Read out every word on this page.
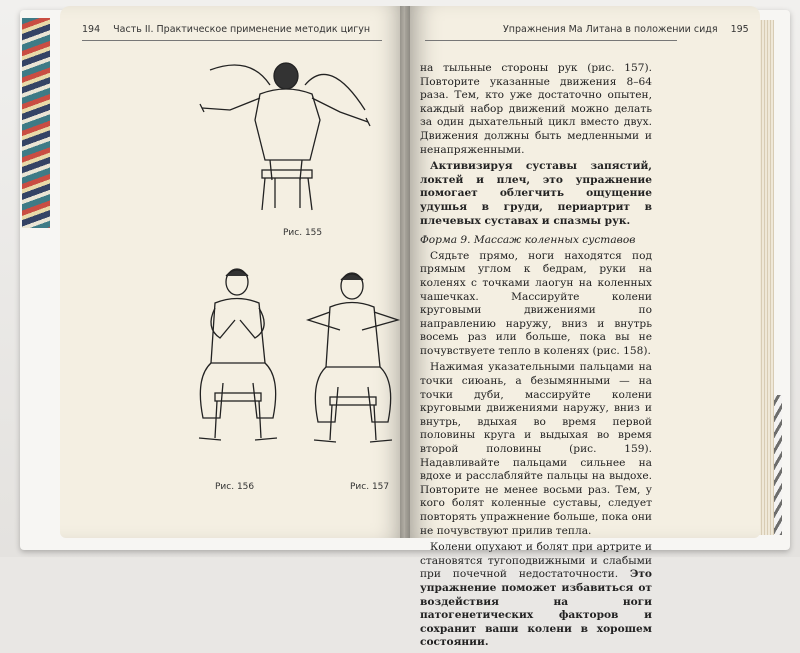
194 Часть II. Практическое применение методик цигун	Упражнения Ма Литана в положении сидя 195
Рис. 155
Рис. 156	Рис. 157

на тыльные стороны рук (рис. 157). Повторите указанные движения 8–64 раза. Тем, кто уже достаточно опытен, каждый набор движений можно делать за один дыхательный цикл вместо двух. Движения должны быть медленными и ненапряженными.

Активизируя суставы запястий, локтей и плеч, это упражнение помогает облегчить ощущение удушья в груди, периартрит в плечевых суставах и спазмы рук.

Форма 9. Массаж коленных суставов

Сядьте прямо, ноги находятся под прямым углом к бедрам, руки на коленях с точками лаогун на коленных чашечках. Массируйте колени круговыми движениями по направлению наружу, вниз и внутрь восемь раз или больше, пока вы не почувствуете тепло в коленях (рис. 158).

Нажимая указательными пальцами на точки сиюань, а безымянными — на точки дуби, массируйте колени круговыми движениями наружу, вниз и внутрь, вдыхая во время первой половины круга и выдыхая во время второй половины (рис. 159). Надавливайте пальцами сильнее на вдохе и расслабляйте пальцы на выдохе. Повторите не менее восьми раз. Тем, у кого болят коленные суставы, следует повторять упражнение больше, пока они не почувствуют прилив тепла.

Колени опухают и болят при артрите и становятся тугоподвижными и слабыми при почечной недостаточности. Это упражнение поможет избавиться от воздействия на ноги патогенетических факторов и сохранит ваши колени в хорошем состоянии.
